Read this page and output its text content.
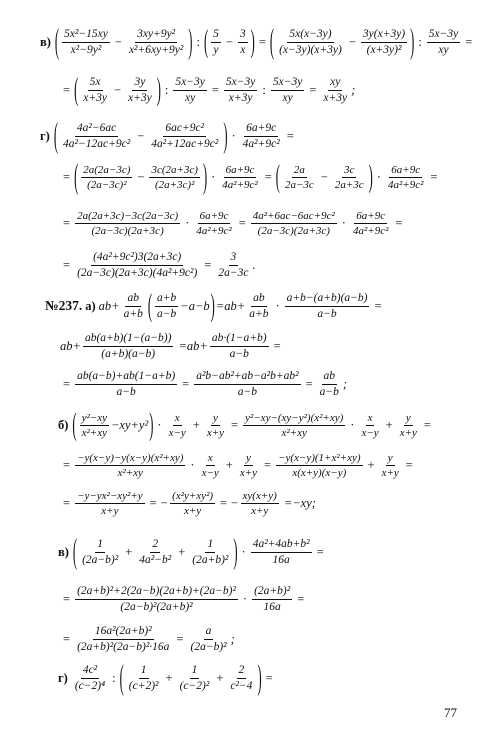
в) ( $\frac{\text{5x²−15xy}}{\text{x²−9y²}} - \frac{\text{3xy+9y²}}{\text{x²+6xy+9y²}}$ ) : ( $\frac{5}{y} - \frac{3}{x}$ ) = ( $\frac{5x(x-3y)}{(x-3y)(x+3y)} - \frac{3y(x+3y)}{\text{(x+3y)²}}$ ) : $\frac{5x-3y}{xy}$ =
= ( $\frac{5x}{x+3y} - \frac{3y}{x+3y}$ ) : $\frac{5x-3y}{xy} = \frac{5x-3y}{x+3y}$ : $\frac{5x-3y}{xy} = \frac{xy}{x+3y}$ ;
г) ( $\frac{\text{4a²−6ac}}{\text{4a²−12ac+9c²}} - \frac{\text{6ac+9c²}}{\text{4a²+12ac+9c²}}$ ) · $\frac{6a+9c}{\text{4a²+9c²}}$ =
= ( $\frac{2a(2a-3c)}{\text{(2a−3c)²}} - \frac{3c(2a+3c)}{\text{(2a+3c)²}}$ ) · $\frac{6a+9c}{\text{4a²+9c²}}$ = ( $\frac{2a}{2a-3c} - \frac{3c}{2a+3c}$ ) · $\frac{6a+9c}{\text{4a²+9c²}}$ =
= $\frac{2a(2a+3c)-3c(2a-3c)}{(2a-3c)(2a+3c)} \cdot \frac{6a+9c}{\text{4a²+9c²}} = \frac{\text{4a²+6ac−6ac+9c²}}{(2a-3c)(2a+3c)} \cdot \frac{6a+9c}{\text{4a²+9c²}}$ =
= $\frac{\text{(4a²+9c²)3(2a+3c)}}{\text{(2a−3c)(2a+3c)(4a²+9c²)}} = \frac{3}{2a-3c}$ .
№237. а) $ab+ \frac{ab}{a+b}$ ( $\frac{a+b}{a-b} -a-b$ ) $=ab+ \frac{ab}{a+b} \cdot \frac{a+b-(a+b)(a-b)}{a-b}$ =
$ab+ \frac{ab(a+b)(1-(a-b))}{(a+b)(a-b)} =ab+ \frac{ab\cdot(1-a+b)}{a-b}$ =
= $\frac{ab(a-b)+ab(1-a+b)}{a-b} = \frac{\text{a²b−ab²+ab−a²b+ab²}}{a-b} = \frac{ab}{a-b}$ ;
б) ( $\frac{\text{y²−xy}}{\text{x²+xy}} -xy+y^2$ ) · $\frac{x}{x-y} + \frac{y}{x+y} = \frac{\text{y²−xy−(xy−y²)(x²+xy)}}{\text{x²+xy}} \cdot \frac{x}{x-y} + \frac{y}{x+y}$ =
= $\frac{\text{−y(x−y)−y(x−y)(x²+xy)}}{\text{x²+xy}} \cdot \frac{x}{x-y} + \frac{y}{x+y} = \frac{\text{−y(x−y)(1+x²+xy)}}{x(x+y)(x-y)} + \frac{y}{x+y}$ =
= $\frac{\text{−y−yx²−xy²+y}}{x+y}$ = − $\frac{\text{(x²y+xy²)}}{x+y}$ = − $\frac{xy(x+y)}{x+y} =-xy$;
в) ( $\frac{1}{\text{(2a−b)²}} + \frac{2}{\text{4a²−b²}} + \frac{1}{\text{(2a+b)²}}$ ) · $\frac{\text{4a²+4ab+b²}}{16a}$ =
= $\frac{\text{(2a+b)²+2(2a−b)(2a+b)+(2a−b)²}}{\text{(2a−b)²(2a+b)²}} \cdot \frac{\text{(2a+b)²}}{16a}$ =
= $\frac{\text{16a²(2a+b)²}}{\text{(2a+b)²(2a−b)²·16a}} = \frac{a}{\text{(2a−b)²}}$ ;
$г) \frac{\text{4c²}}{\text{(c−2)⁴}}$ : ( $\frac{1}{\text{(c+2)²}} + \frac{1}{\text{(c−2)²}} + \frac{2}{\text{c²−4}}$ ) =
77
